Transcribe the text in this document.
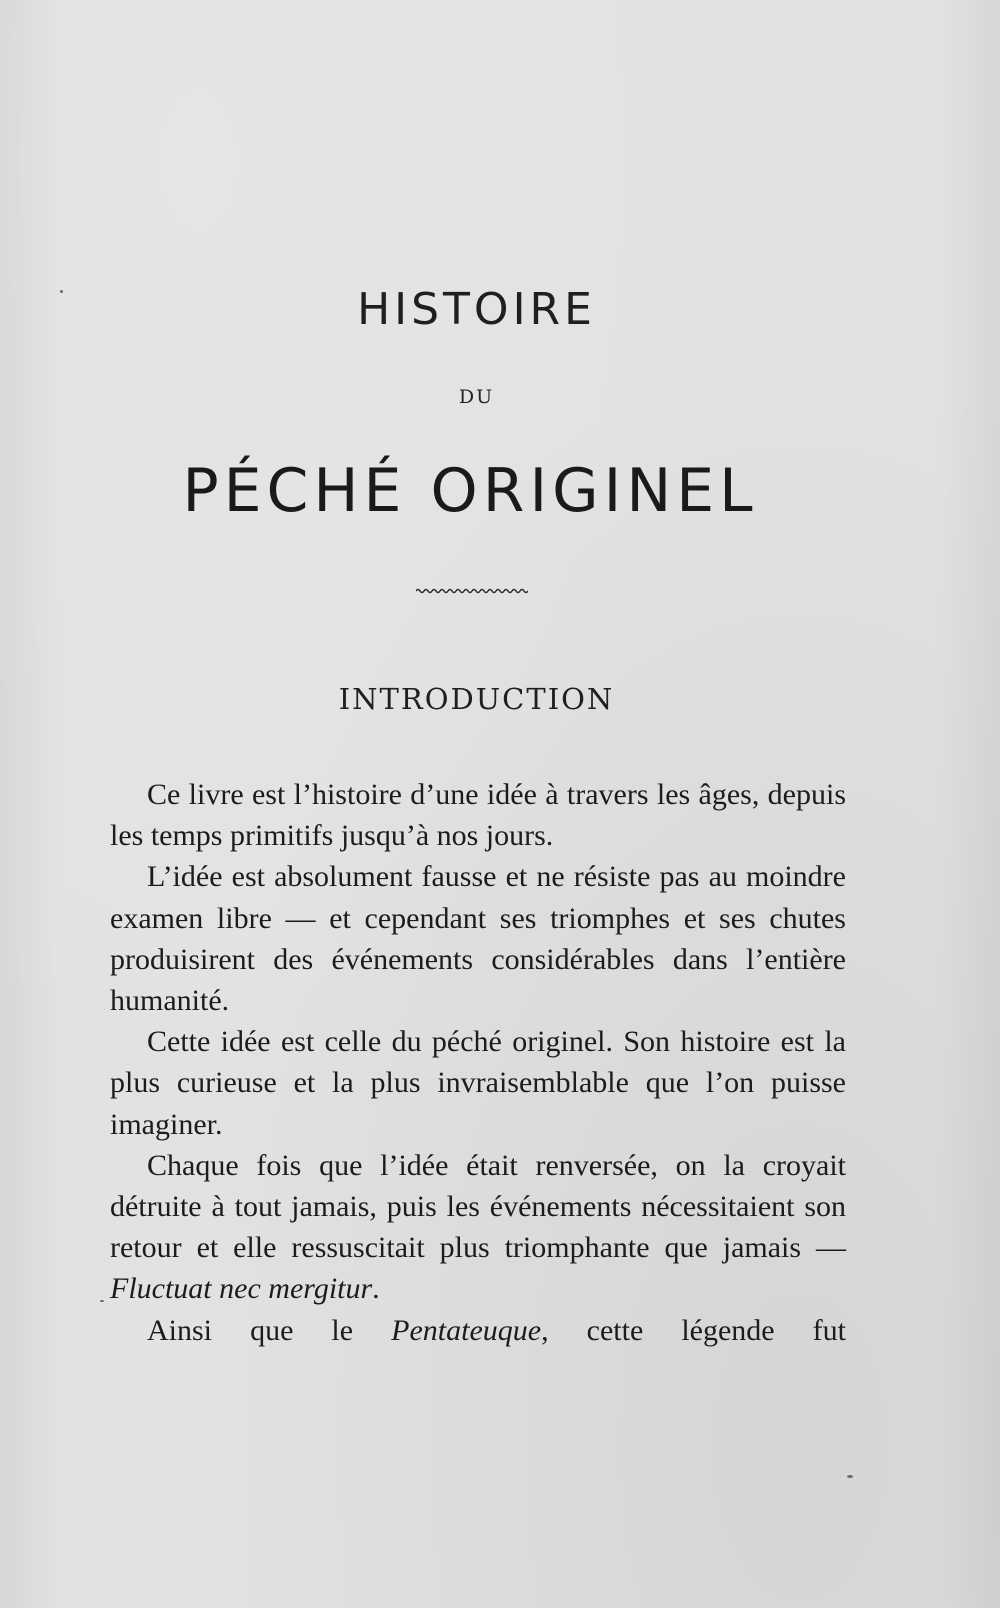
HISTOIRE
DU
PÉCHÉ ORIGINEL
INTRODUCTION

Ce livre est l’histoire d’une idée à travers les âges, depuis les temps primitifs jusqu’à nos jours.

L’idée est absolument fausse et ne résiste pas au moindre examen libre — et cependant ses triomphes et ses chutes produisirent des événements considérables dans l’entière humanité.

Cette idée est celle du péché originel. Son histoire est la plus curieuse et la plus invraisemblable que l’on puisse imaginer.

Chaque fois que l’idée était renversée, on la croyait détruite à tout jamais, puis les événements nécessitaient son retour et elle ressuscitait plus triomphante que jamais — Fluctuat nec mergitur.

Ainsi que le Pentateuque, cette légende fut
